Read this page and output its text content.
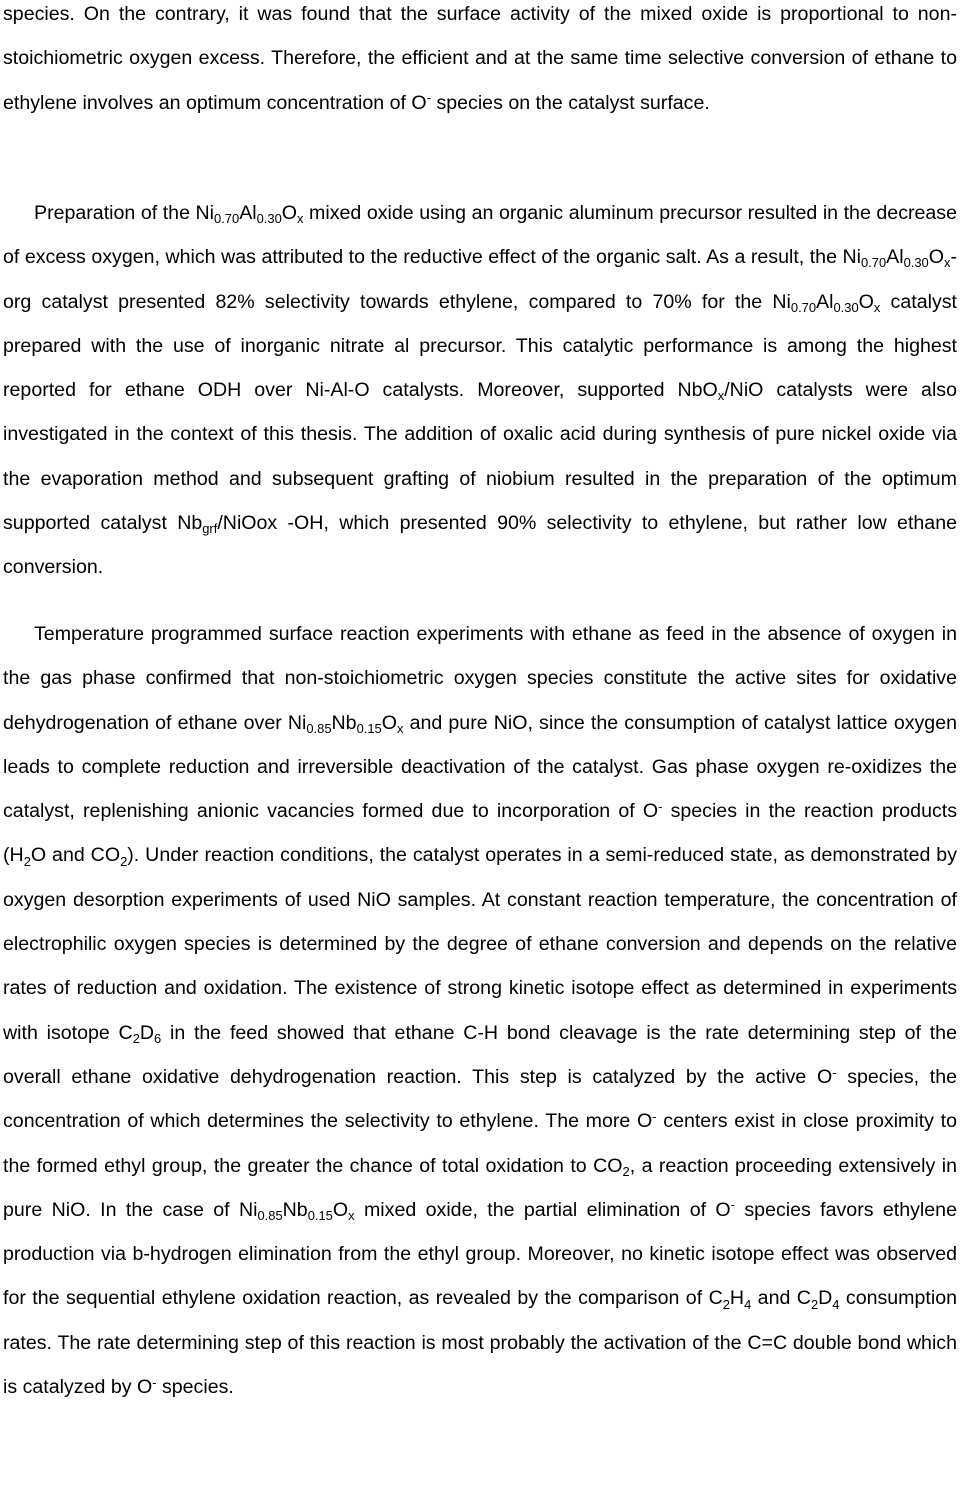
species. On the contrary, it was found that the surface activity of the mixed oxide is proportional to non-stoichiometric oxygen excess. Therefore, the efficient and at the same time selective conversion of ethane to ethylene involves an optimum concentration of O- species on the catalyst surface.

Preparation of the $Ni_{0.70}Al_{0.30}O_x$ mixed oxide using an organic aluminum precursor resulted in the decrease of excess oxygen, which was attributed to the reductive effect of the organic salt. As a result, the $Ni_{0.70}Al_{0.30}O_x$-org catalyst presented 82% selectivity towards ethylene, compared to 70% for the $Ni_{0.70}Al_{0.30}O_x$ catalyst prepared with the use of inorganic nitrate al precursor. This catalytic performance is among the highest reported for ethane ODH over Ni-Al-O catalysts. Moreover, supported NbO$_x$/NiO catalysts were also investigated in the context of this thesis. The addition of oxalic acid during synthesis of pure nickel oxide via the evaporation method and subsequent grafting of niobium resulted in the preparation of the optimum supported catalyst $Nb_{grf}$/NiOox -OH, which presented 90% selectivity to ethylene, but rather low ethane conversion.

Temperature programmed surface reaction experiments with ethane as feed in the absence of oxygen in the gas phase confirmed that non-stoichiometric oxygen species constitute the active sites for oxidative dehydrogenation of ethane over $Ni_{0.85}Nb_{0.15}O_x$ and pure NiO, since the consumption of catalyst lattice oxygen leads to complete reduction and irreversible deactivation of the catalyst. Gas phase oxygen re-oxidizes the catalyst, replenishing anionic vacancies formed due to incorporation of O- species in the reaction products ($H_2O$ and $CO_2$). Under reaction conditions, the catalyst operates in a semi-reduced state, as demonstrated by oxygen desorption experiments of used NiO samples. At constant reaction temperature, the concentration of electrophilic oxygen species is determined by the degree of ethane conversion and depends on the relative rates of reduction and oxidation. The existence of strong kinetic isotope effect as determined in experiments with isotope $C_2D_6$ in the feed showed that ethane C-H bond cleavage is the rate determining step of the overall ethane oxidative dehydrogenation reaction. This step is catalyzed by the active O- species, the concentration of which determines the selectivity to ethylene. The more O- centers exist in close proximity to the formed ethyl group, the greater the chance of total oxidation to $CO_2$, a reaction proceeding extensively in pure NiO. In the case of $Ni_{0.85}Nb_{0.15}O_x$ mixed oxide, the partial elimination of O- species favors ethylene production via b-hydrogen elimination from the ethyl group. Moreover, no kinetic isotope effect was observed for the sequential ethylene oxidation reaction, as revealed by the comparison of $C_2H_4$ and $C_2D_4$ consumption rates. The rate determining step of this reaction is most probably the activation of the C=C double bond which is catalyzed by O- species.
